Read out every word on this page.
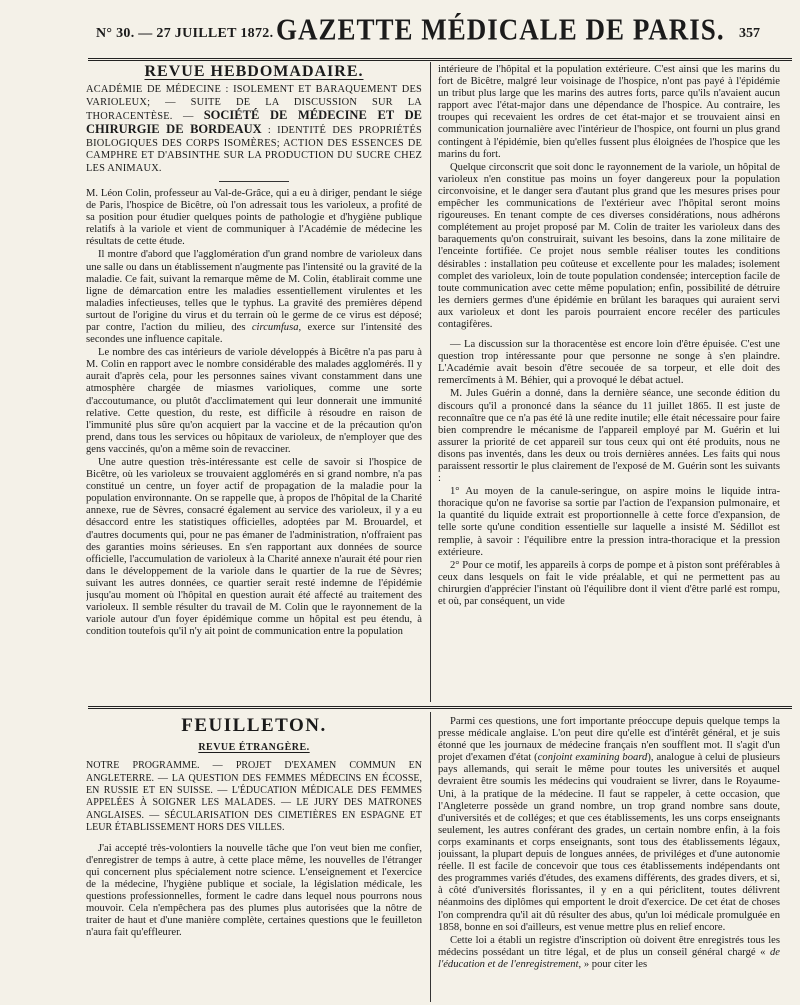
N° 30. — 27 JUILLET 1872. GAZETTE MÉDICALE DE PARIS. 357
REVUE HEBDOMADAIRE.
ACADÉMIE DE MÉDECINE : ISOLEMENT ET BARAQUEMENT DES VARIOLEUX; — SUITE DE LA DISCUSSION SUR LA THORACENTÈSE. — SOCIÉTÉ DE MÉDECINE ET DE CHIRURGIE DE BORDEAUX : IDENTITÉ DES PROPRIÉTÉS BIOLOGIQUES DES CORPS ISOMÈRES; ACTION DES ESSENCES DE CAMPHRE ET D'ABSINTHE SUR LA PRODUCTION DU SUCRE CHEZ LES ANIMAUX.

M. Léon Colin, professeur au Val-de-Grâce, qui a eu à diriger, pendant le siége de Paris, l'hospice de Bicêtre, où l'on adressait tous les varioleux, a profité de sa position pour étudier quelques points de pathologie et d'hygiène publique relatifs à la variole et vient de communiquer à l'Académie de médecine les résultats de cette étude.

Il montre d'abord que l'agglomération d'un grand nombre de varioleux dans une salle ou dans un établissement n'augmente pas l'intensité ou la gravité de la maladie. Ce fait, suivant la remarque même de M. Colin, établirait comme une ligne de démarcation entre les maladies essentiellement virulentes et les maladies infectieuses, telles que le typhus. La gravité des premières dépend surtout de l'origine du virus et du terrain où le germe de ce virus est déposé; par contre, l'action du milieu, des circumfusa, exerce sur l'intensité des secondes une influence capitale.

Le nombre des cas intérieurs de variole développés à Bicêtre n'a pas paru à M. Colin en rapport avec le nombre considérable des malades agglomérés. Il y aurait d'après cela, pour les personnes saines vivant constamment dans une atmosphère chargée de miasmes varioliques, comme une sorte d'accoutumance, ou plutôt d'acclimatement qui leur donnerait une immunité relative. Cette question, du reste, est difficile à résoudre en raison de l'immunité plus sûre qu'on acquiert par la vaccine et de la précaution qu'on prend, dans tous les services ou hôpitaux de varioleux, de n'employer que des gens vaccinés, qu'on a même soin de revacciner.

Une autre question très-intéressante est celle de savoir si l'hospice de Bicêtre, où les varioleux se trouvaient agglomérés en si grand nombre, n'a pas constitué un centre, un foyer actif de propagation de la maladie pour la population environnante. On se rappelle que, à propos de l'hôpital de la Charité annexe, rue de Sèvres, consacré également au service des varioleux, il y a eu désaccord entre les statistiques officielles, adoptées par M. Brouardel, et d'autres documents qui, pour ne pas émaner de l'administration, n'offraient pas des garanties moins sérieuses. En s'en rapportant aux données de source officielle, l'accumulation de varioleux à la Charité annexe n'aurait été pour rien dans le développement de la variole dans le quartier de la rue de Sèvres; suivant les autres données, ce quartier serait resté indemne de l'épidémie jusqu'au moment où l'hôpital en question aurait été affecté au traitement des varioleux. Il semble résulter du travail de M. Colin que le rayonnement de la variole autour d'un foyer épidémique comme un hôpital est peu étendu, à condition toutefois qu'il n'y ait point de communication entre la population

intérieure de l'hôpital et la population extérieure. C'est ainsi que les marins du fort de Bicêtre, malgré leur voisinage de l'hospice, n'ont pas payé à l'épidémie un tribut plus large que les marins des autres forts, parce qu'ils n'avaient aucun rapport avec l'état-major dans une dépendance de l'hospice. Au contraire, les troupes qui recevaient les ordres de cet état-major et se trouvaient ainsi en communication journalière avec l'intérieur de l'hospice, ont fourni un plus grand contingent à l'épidémie, bien qu'elles fussent plus éloignées de l'hospice que les marins du fort.

Quelque circonscrit que soit donc le rayonnement de la variole, un hôpital de varioleux n'en constitue pas moins un foyer dangereux pour la population circonvoisine, et le danger sera d'autant plus grand que les mesures prises pour empêcher les communications de l'extérieur avec l'hôpital seront moins rigoureuses. En tenant compte de ces diverses considérations, nous adhérons complétement au projet proposé par M. Colin de traiter les varioleux dans des baraquements qu'on construirait, suivant les besoins, dans la zone militaire de l'enceinte fortifiée. Ce projet nous semble réaliser toutes les conditions désirables : installation peu coûteuse et excellente pour les malades; isolement complet des varioleux, loin de toute population condensée; interception facile de toute communication avec cette même population; enfin, possibilité de détruire les derniers germes d'une épidémie en brûlant les baraques qui auraient servi aux varioleux et dont les parois pourraient encore recéler des particules contagifères.

— La discussion sur la thoracentèse est encore loin d'être épuisée. C'est une question trop intéressante pour que personne ne songe à s'en plaindre. L'Académie avait besoin d'être secouée de sa torpeur, et elle doit des remercîments à M. Béhier, qui a provoqué le débat actuel.

M. Jules Guérin a donné, dans la dernière séance, une seconde édition du discours qu'il a prononcé dans la séance du 11 juillet 1865. Il est juste de reconnaître que ce n'a pas été là une redite inutile; elle était nécessaire pour faire bien comprendre le mécanisme de l'appareil employé par M. Guérin et lui assurer la priorité de cet appareil sur tous ceux qui ont été produits, nous ne disons pas inventés, dans les deux ou trois dernières années. Les faits qui nous paraissent ressortir le plus clairement de l'exposé de M. Guérin sont les suivants :

1° Au moyen de la canule-seringue, on aspire moins le liquide intra-thoracique qu'on ne favorise sa sortie par l'action de l'expansion pulmonaire, et la quantité du liquide extrait est proportionnelle à cette force d'expansion, de telle sorte qu'une condition essentielle sur laquelle a insisté M. Sédillot est remplie, à savoir : l'équilibre entre la pression intra-thoracique et la pression extérieure.

2° Pour ce motif, les appareils à corps de pompe et à piston sont préférables à ceux dans lesquels on fait le vide préalable, et qui ne permettent pas au chirurgien d'apprécier l'instant où l'équilibre dont il vient d'être parlé est rompu, et où, par conséquent, un vide

FEUILLETON.
REVUE ÉTRANGÈRE.
NOTRE PROGRAMME. — PROJET D'EXAMEN COMMUN EN ANGLETERRE. — LA QUESTION DES FEMMES MÉDECINS EN ÉCOSSE, EN RUSSIE ET EN SUISSE. — L'ÉDUCATION MÉDICALE DES FEMMES APPELÉES À SOIGNER LES MALADES. — LE JURY DES MATRONES ANGLAISES. — SÉCULARISATION DES CIMETIÈRES EN ESPAGNE ET LEUR ÉTABLISSEMENT HORS DES VILLES.

J'ai accepté très-volontiers la nouvelle tâche que l'on veut bien me confier, d'enregistrer de temps à autre, à cette place même, les nouvelles de l'étranger qui concernent plus spécialement notre science. L'enseignement et l'exercice de la médecine, l'hygiène publique et sociale, la législation médicale, les questions professionnelles, forment le cadre dans lequel nous pourrons nous mouvoir. Cela n'empêchera pas des plumes plus autorisées que la nôtre de traiter de haut et d'une manière complète, certaines questions que le feuilleton n'aura fait qu'effleurer.

Parmi ces questions, une fort importante préoccupe depuis quelque temps la presse médicale anglaise. L'on peut dire qu'elle est d'intérêt général, et je suis étonné que les journaux de médecine français n'en soufflent mot. Il s'agit d'un projet d'examen d'état (conjoint examining board), analogue à celui de plusieurs pays allemands, qui serait le même pour toutes les universités et auquel devraient être soumis les médecins qui voudraient se livrer, dans le Royaume-Uni, à la pratique de la médecine. Il faut se rappeler, à cette occasion, que l'Angleterre possède un grand nombre, un trop grand nombre sans doute, d'universités et de colléges; et que ces établissements, les uns corps enseignants seulement, les autres conférant des grades, un certain nombre enfin, à la fois corps examinants et corps enseignants, sont tous des établissements légaux, jouissant, la plupart depuis de longues années, de priviléges et d'une autonomie réelle. Il est facile de concevoir que tous ces établissements indépendants ont des programmes variés d'études, des examens différents, des grades divers, et si, à côté d'universités florissantes, il y en a qui périclitent, toutes délivrent néanmoins des diplômes qui emportent le droit d'exercice. De cet état de choses l'on comprendra qu'il ait dû résulter des abus, qu'un loi médicale promulguée en 1858, bonne en soi d'ailleurs, est venue mettre plus en relief encore.

Cette loi a établi un registre d'inscription où doivent être enregistrés tous les médecins possédant un titre légal, et de plus un conseil général chargé « de l'éducation et de l'enregistrement, » pour citer les
